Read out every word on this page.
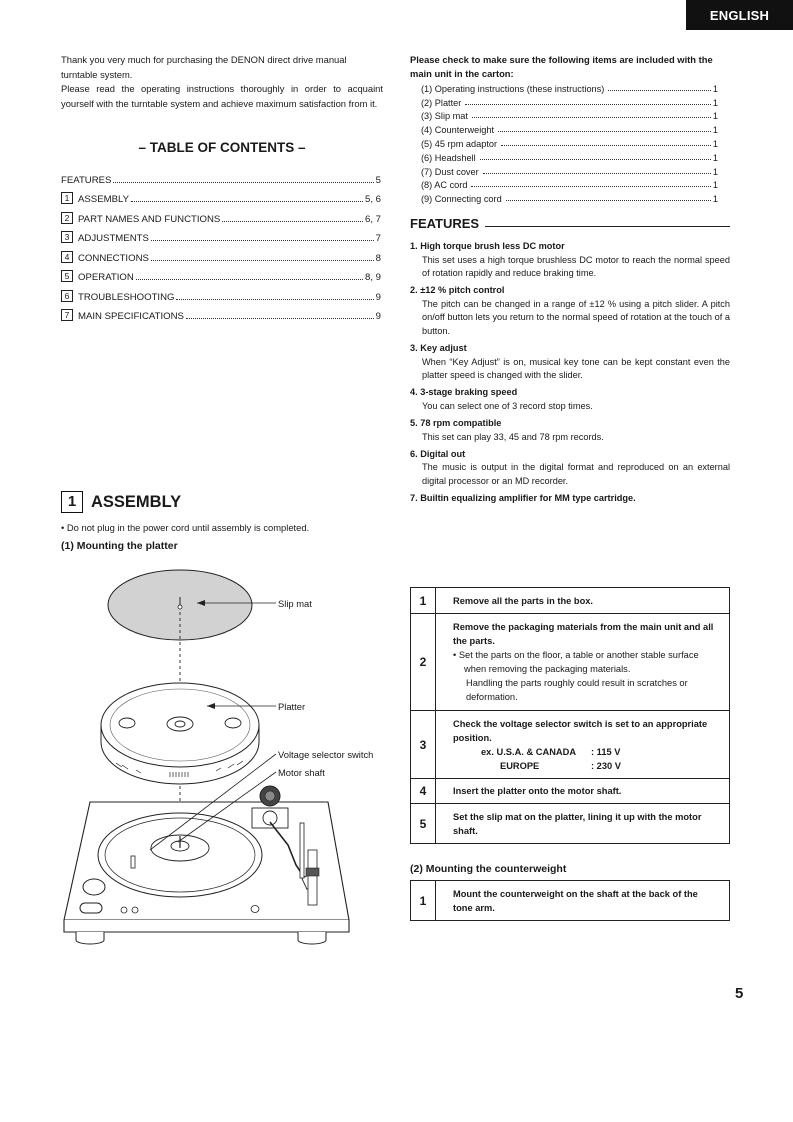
ENGLISH

Thank you very much for purchasing the DENON direct drive manual turntable system.

Please read the operating instructions thoroughly in order to acquaint yourself with the turntable system and achieve maximum satisfaction from it.

– TABLE OF CONTENTS –
FEATURES	5
1 ASSEMBLY	5, 6
2 PART NAMES AND FUNCTIONS	6, 7
3 ADJUSTMENTS	7
4 CONNECTIONS	8
5 OPERATION	8, 9
6 TROUBLESHOOTING	9
7 MAIN SPECIFICATIONS	9
Please check to make sure the following items are included with the main unit in the carton:
(1) Operating instructions (these instructions)	1
(2) Platter	1
(3) Slip mat	1
(4) Counterweight	1
(5) 45 rpm adaptor	1
(6) Headshell	1
(7) Dust cover	1
(8) AC cord	1
(9) Connecting cord	1
FEATURES
1. High torque brush less DC motor
This set uses a high torque brushless DC motor to reach the normal speed of rotation rapidly and reduce braking time.
2. ±12 % pitch control
The pitch can be changed in a range of ±12 % using a pitch slider. A pitch on/off button lets you return to the normal speed of rotation at the touch of a button.
3. Key adjust
When “Key Adjust” is on, musical key tone can be kept constant even the platter speed is changed with the slider.
4. 3-stage braking speed
You can select one of 3 record stop times.
5. 78 rpm compatible
This set can play 33, 45 and 78 rpm records.
6. Digital out
The music is output in the digital format and reproduced on an external digital processor or an MD recorder.
7. Builtin equalizing amplifier for MM type cartridge.
1 ASSEMBLY
• Do not plug in the power cord until assembly is completed.
(1) Mounting the platter
Slip mat
Platter
Voltage selector switch
Motor shaft
1	Remove all the parts in the box.
2	Remove the packaging materials from the main unit and all the parts.
• Set the parts on the floor, a table or another stable surface when removing the packaging materials.
Handling the parts roughly could result in scratches or deformation.

3	Check the voltage selector switch is set to an appropriate position.
ex. U.S.A. & CANADA : 115 V
EUROPE : 230 V

4	Insert the platter onto the motor shaft.
5	Set the slip mat on the platter, lining it up with the motor shaft.
(2) Mounting the counterweight
1	Mount the counterweight on the shaft at the back of the tone arm.
5
